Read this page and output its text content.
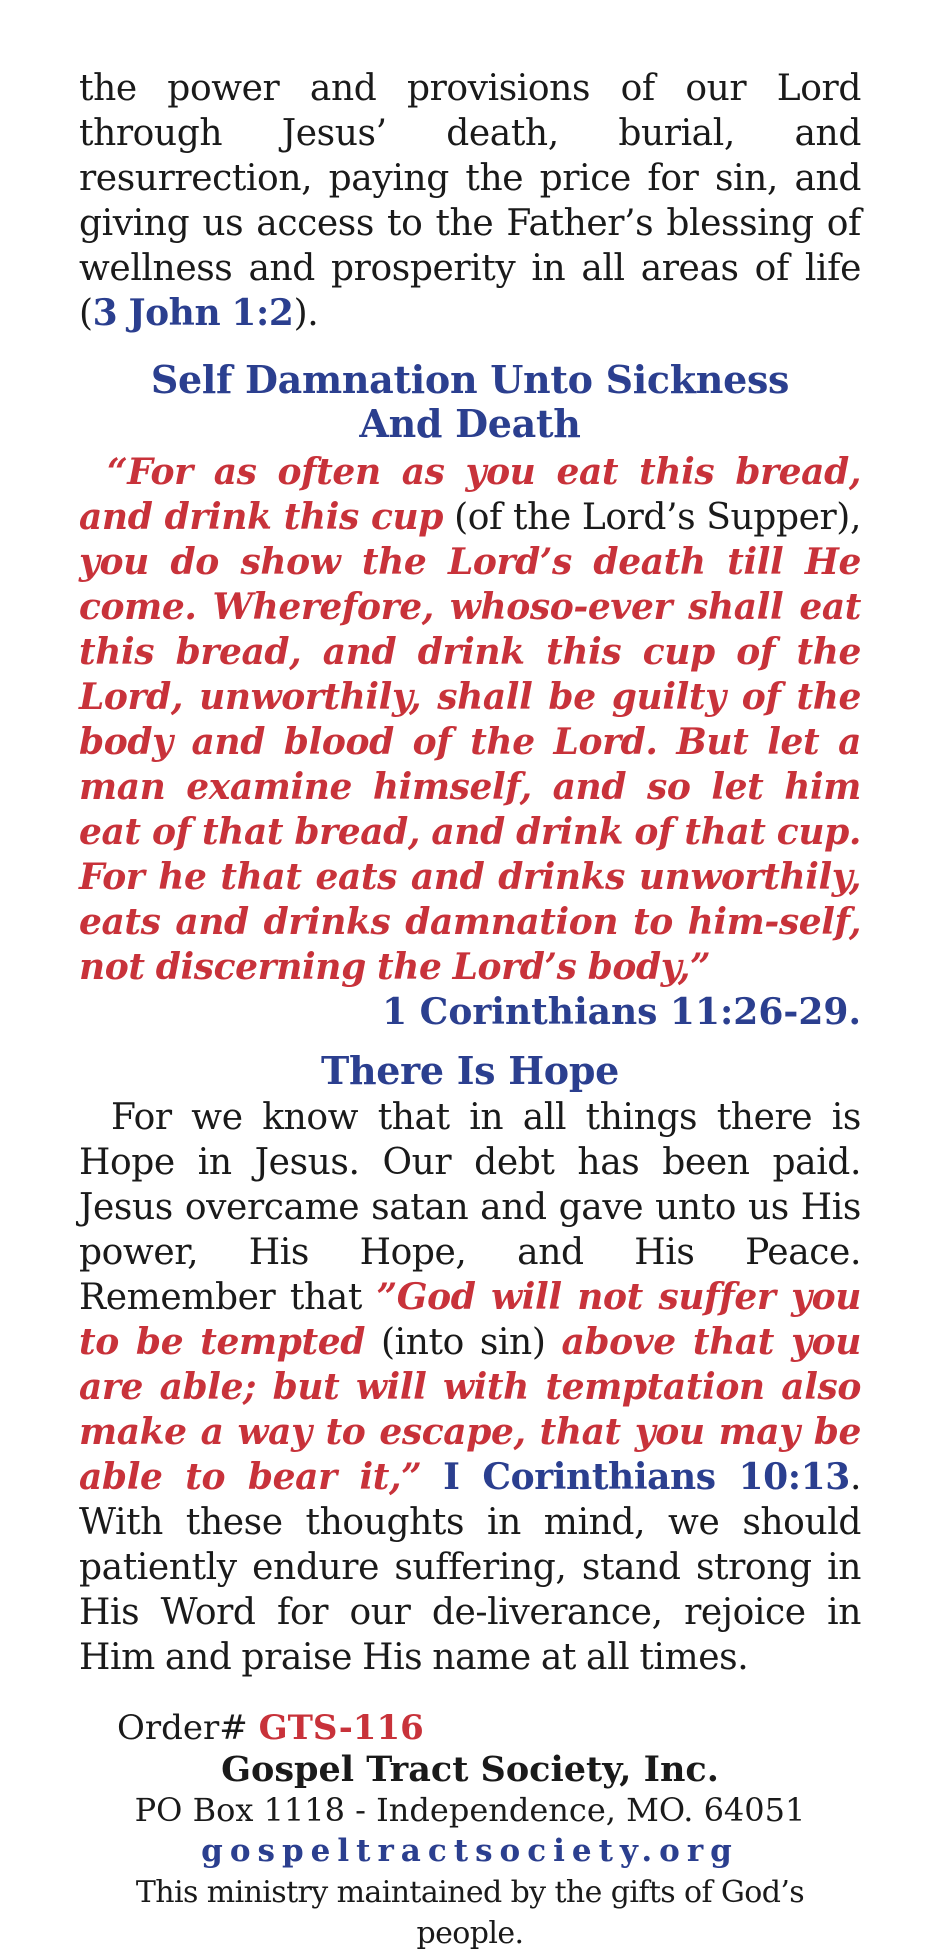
the power and provisions of our Lord through Jesus’ death, burial, and resurrection, paying the price for sin, and giving us access to the Father’s blessing of wellness and prosperity in all areas of life (3 John 1:2).

Self Damnation Unto Sickness And Death

“For as often as you eat this bread, and drink this cup (of the Lord’s Supper), you do show the Lord’s death till He come. Wherefore, whoso-ever shall eat this bread, and drink this cup of the Lord, unworthily, shall be guilty of the body and blood of the Lord. But let a man examine himself, and so let him eat of that bread, and drink of that cup. For he that eats and drinks unworthily, eats and drinks damnation to him-self, not discerning the Lord’s body,”

1 Corinthians 11:26-29.

There Is Hope

For we know that in all things there is Hope in Jesus. Our debt has been paid. Jesus overcame satan and gave unto us His power, His Hope, and His Peace. Remember that ”God will not suffer you to be tempted (into sin) above that you are able; but will with temptation also make a way to escape, that you may be able to bear it,” I Corinthians 10:13. With these thoughts in mind, we should patiently endure suffering, stand strong in His Word for our de-liverance, rejoice in Him and praise His name at all times.

Order# GTS-116

Gospel Tract Society, Inc.

PO Box 1118 - Independence, MO. 64051

gospeltractsociety.org

This ministry maintained by the gifts of God’s people.
